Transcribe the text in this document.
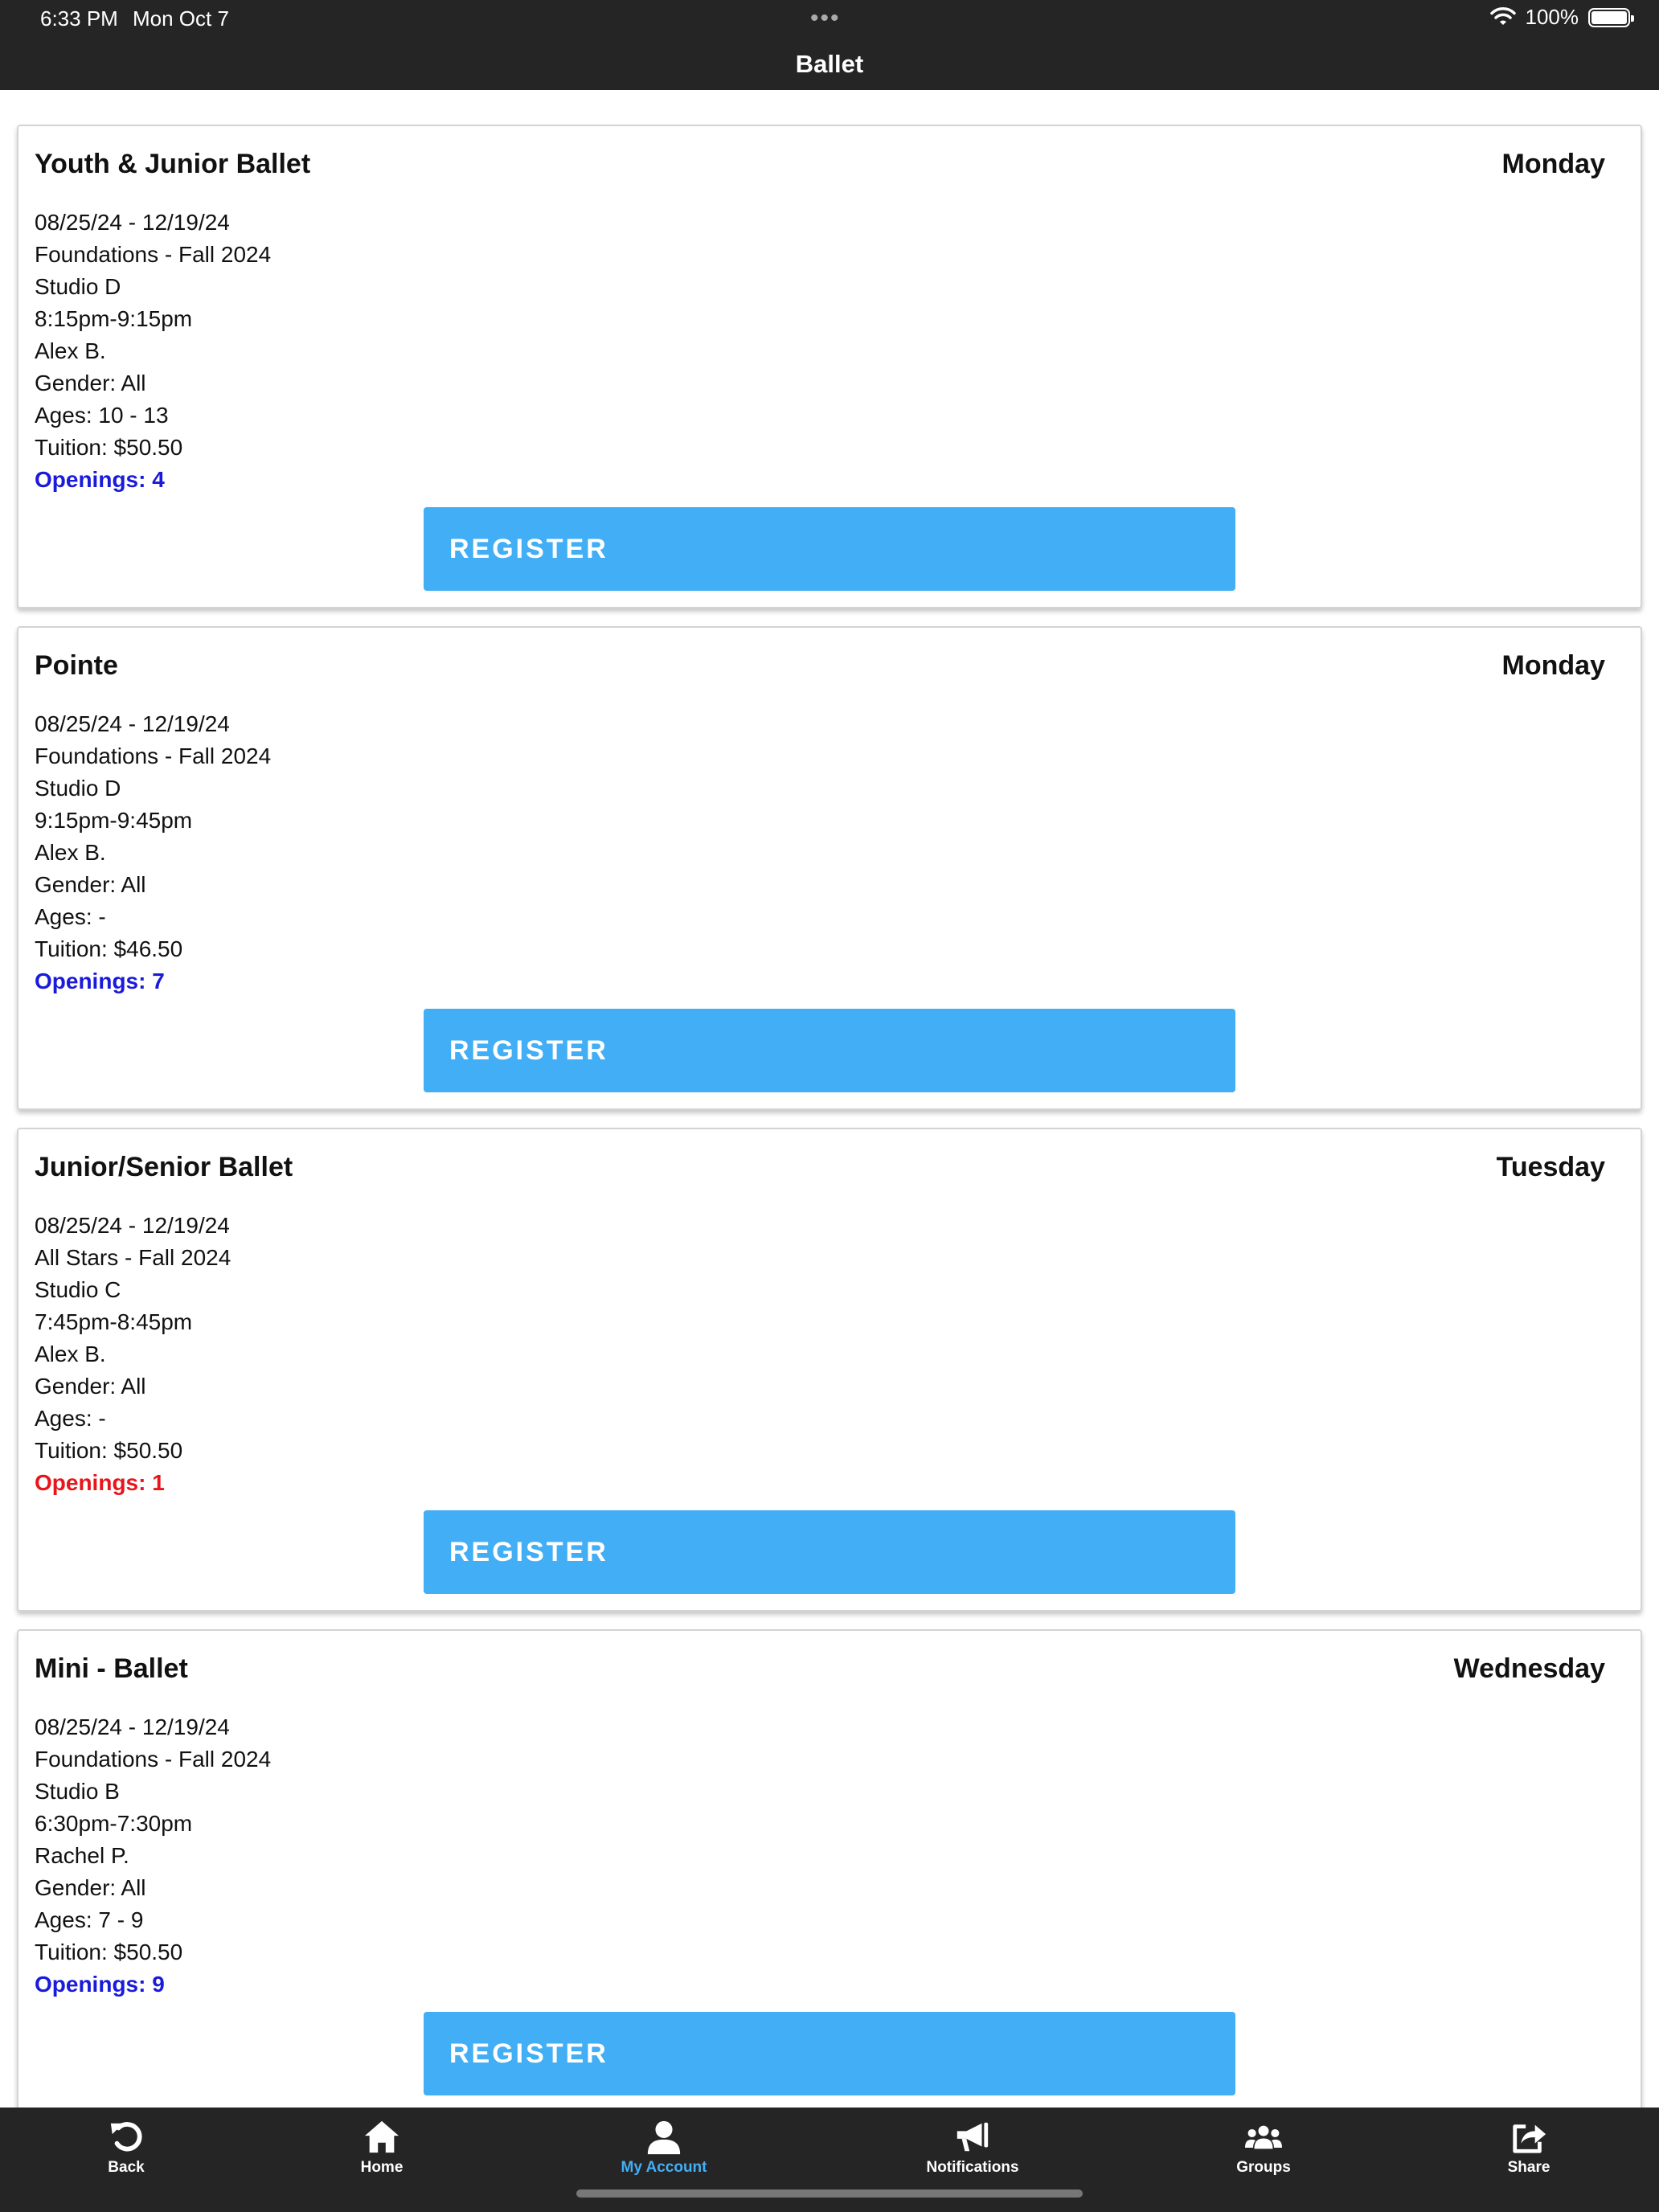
6:33 PM Mon Oct 7	•••	100%
Ballet
Youth & Junior Ballet	Monday
08/25/24 - 12/19/24
Foundations - Fall 2024
Studio D
8:15pm-9:15pm
Alex B.
Gender: All
Ages: 10 - 13
Tuition: $50.50
Openings: 4
REGISTER
Pointe	Monday
08/25/24 - 12/19/24
Foundations - Fall 2024
Studio D
9:15pm-9:45pm
Alex B.
Gender: All
Ages: -
Tuition: $46.50
Openings: 7
REGISTER
Junior/Senior Ballet	Tuesday
08/25/24 - 12/19/24
All Stars - Fall 2024
Studio C
7:45pm-8:45pm
Alex B.
Gender: All
Ages: -
Tuition: $50.50
Openings: 1
REGISTER
Mini - Ballet	Wednesday
08/25/24 - 12/19/24
Foundations - Fall 2024
Studio B
6:30pm-7:30pm
Rachel P.
Gender: All
Ages: 7 - 9
Tuition: $50.50
Openings: 9
REGISTER
Back	Home	My Account	Notifications	Groups	Share
